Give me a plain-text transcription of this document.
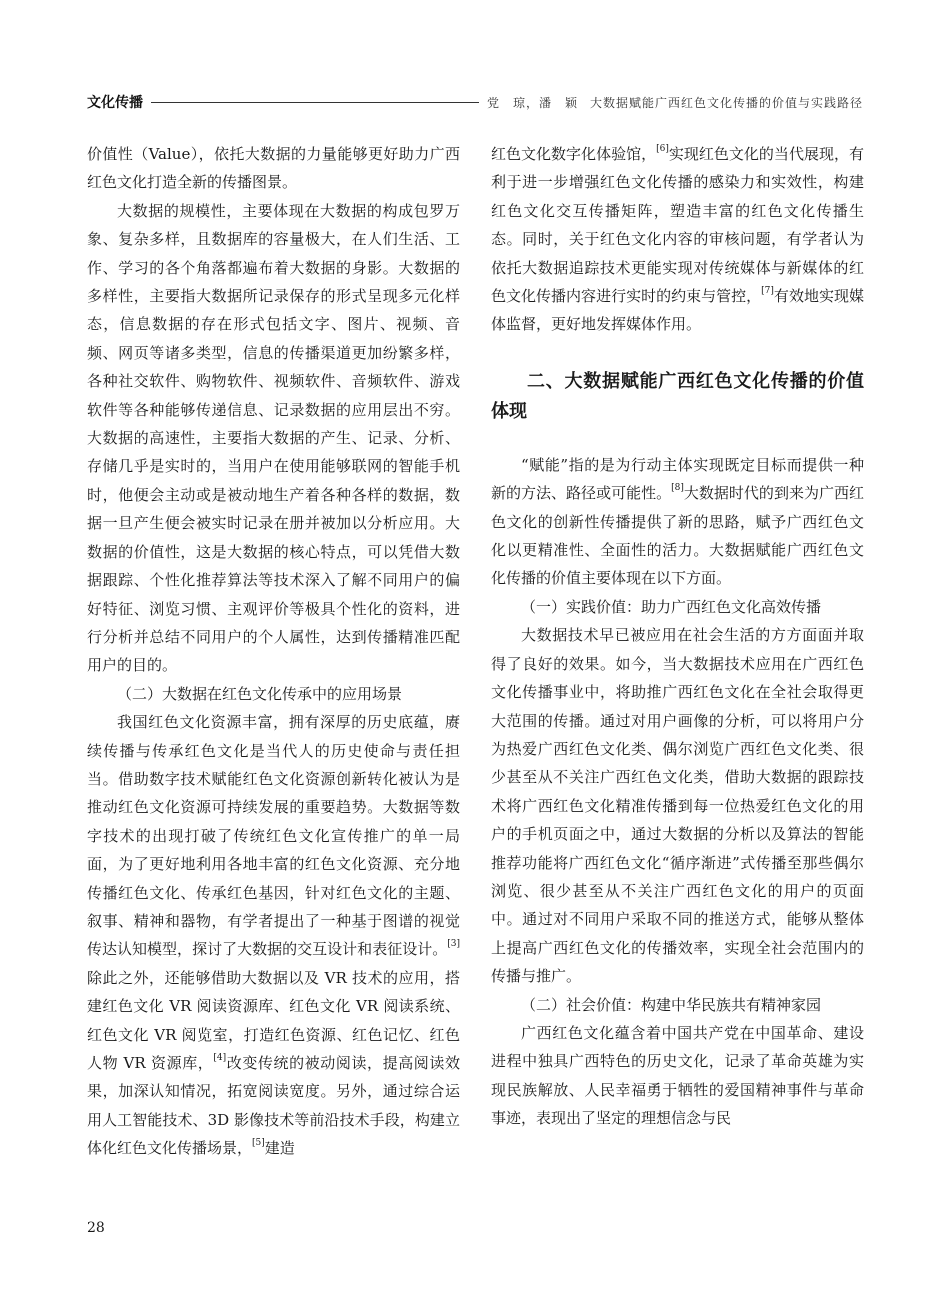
文化传播	党　琼，潘　颖 大数据赋能广西红色文化传播的价值与实践路径

价值性（Value），依托大数据的力量能够更好助力广西红色文化打造全新的传播图景。

大数据的规模性，主要体现在大数据的构成包罗万象、复杂多样，且数据库的容量极大，在人们生活、工作、学习的各个角落都遍布着大数据的身影。大数据的多样性，主要指大数据所记录保存的形式呈现多元化样态，信息数据的存在形式包括文字、图片、视频、音频、网页等诸多类型，信息的传播渠道更加纷繁多样，各种社交软件、购物软件、视频软件、音频软件、游戏软件等各种能够传递信息、记录数据的应用层出不穷。大数据的高速性，主要指大数据的产生、记录、分析、存储几乎是实时的，当用户在使用能够联网的智能手机时，他便会主动或是被动地生产着各种各样的数据，数据一旦产生便会被实时记录在册并被加以分析应用。大数据的价值性，这是大数据的核心特点，可以凭借大数据跟踪、个性化推荐算法等技术深入了解不同用户的偏好特征、浏览习惯、主观评价等极具个性化的资料，进行分析并总结不同用户的个人属性，达到传播精准匹配用户的目的。

（二）大数据在红色文化传承中的应用场景

我国红色文化资源丰富，拥有深厚的历史底蕴，赓续传播与传承红色文化是当代人的历史使命与责任担当。借助数字技术赋能红色文化资源创新转化被认为是推动红色文化资源可持续发展的重要趋势。大数据等数字技术的出现打破了传统红色文化宣传推广的单一局面，为了更好地利用各地丰富的红色文化资源、充分地传播红色文化、传承红色基因，针对红色文化的主题、叙事、精神和器物，有学者提出了一种基于图谱的视觉传达认知模型，探讨了大数据的交互设计和表征设计。[3]除此之外，还能够借助大数据以及 VR 技术的应用，搭建红色文化 VR 阅读资源库、红色文化 VR 阅读系统、红色文化 VR 阅览室，打造红色资源、红色记忆、红色人物 VR 资源库，[4]改变传统的被动阅读，提高阅读效果，加深认知情况，拓宽阅读宽度。另外，通过综合运用人工智能技术、3D 影像技术等前沿技术手段，构建立体化红色文化传播场景，[5]建造

红色文化数字化体验馆，[6]实现红色文化的当代展现，有利于进一步增强红色文化传播的感染力和实效性，构建红色文化交互传播矩阵，塑造丰富的红色文化传播生态。同时，关于红色文化内容的审核问题，有学者认为依托大数据追踪技术更能实现对传统媒体与新媒体的红色文化传播内容进行实时的约束与管控，[7]有效地实现媒体监督，更好地发挥媒体作用。

二、大数据赋能广西红色文化传播的价值体现

“赋能”指的是为行动主体实现既定目标而提供一种新的方法、路径或可能性。[8]大数据时代的到来为广西红色文化的创新性传播提供了新的思路，赋予广西红色文化以更精准性、全面性的活力。大数据赋能广西红色文化传播的价值主要体现在以下方面。

（一）实践价值：助力广西红色文化高效传播

大数据技术早已被应用在社会生活的方方面面并取得了良好的效果。如今，当大数据技术应用在广西红色文化传播事业中，将助推广西红色文化在全社会取得更大范围的传播。通过对用户画像的分析，可以将用户分为热爱广西红色文化类、偶尔浏览广西红色文化类、很少甚至从不关注广西红色文化类，借助大数据的跟踪技术将广西红色文化精准传播到每一位热爱红色文化的用户的手机页面之中，通过大数据的分析以及算法的智能推荐功能将广西红色文化“循序渐进”式传播至那些偶尔浏览、很少甚至从不关注广西红色文化的用户的页面中。通过对不同用户采取不同的推送方式，能够从整体上提高广西红色文化的传播效率，实现全社会范围内的传播与推广。

（二）社会价值：构建中华民族共有精神家园

广西红色文化蕴含着中国共产党在中国革命、建设进程中独具广西特色的历史文化，记录了革命英雄为实现民族解放、人民幸福勇于牺牲的爱国精神事件与革命事迹，表现出了坚定的理想信念与民

28
